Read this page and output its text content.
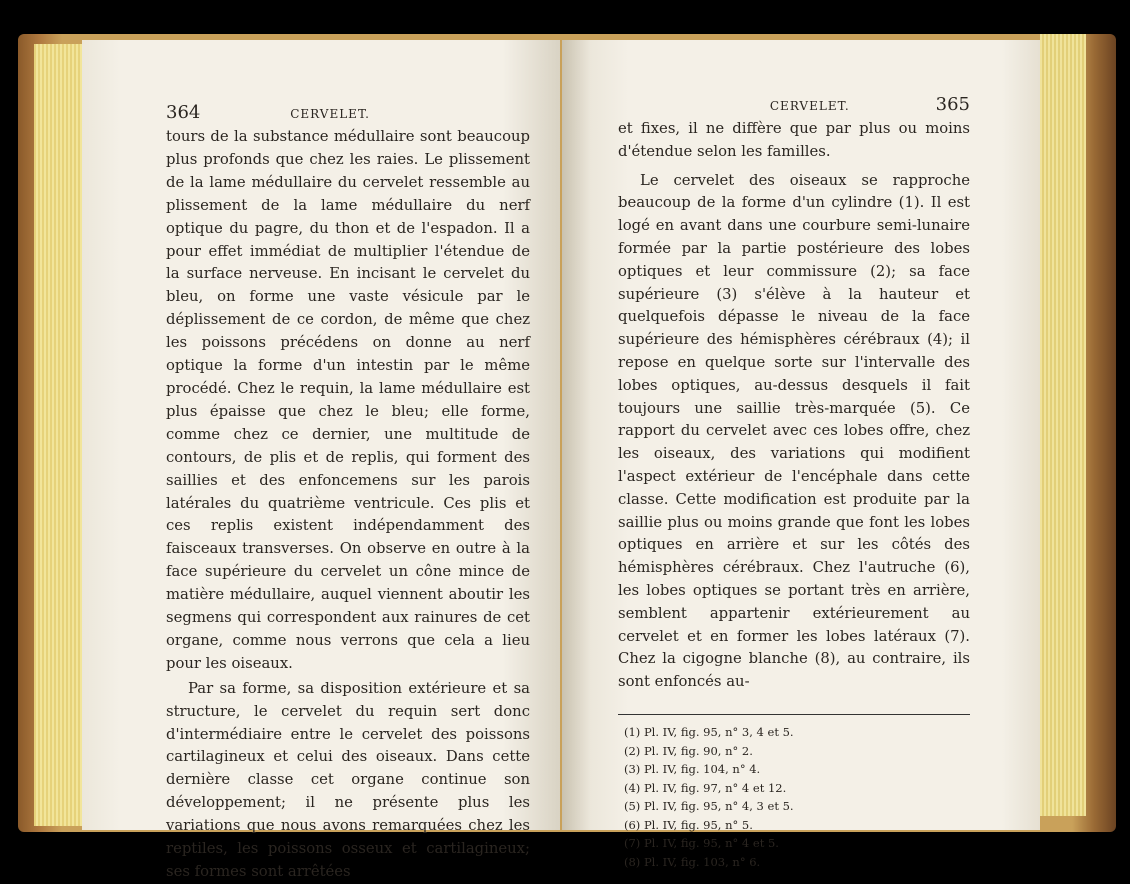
364	CERVELET.

tours de la substance médullaire sont beaucoup plus profonds que chez les raies. Le plissement de la lame médullaire du cervelet ressemble au plissement de la lame médullaire du nerf optique du pagre, du thon et de l'espadon. Il a pour effet immédiat de multiplier l'étendue de la surface nerveuse. En incisant le cervelet du bleu, on forme une vaste vésicule par le déplissement de ce cordon, de même que chez les poissons précédens on donne au nerf optique la forme d'un intestin par le même procédé. Chez le requin, la lame médullaire est plus épaisse que chez le bleu; elle forme, comme chez ce dernier, une multitude de contours, de plis et de replis, qui forment des saillies et des enfoncemens sur les parois latérales du quatrième ventricule. Ces plis et ces replis existent indépendamment des faisceaux transverses. On observe en outre à la face supérieure du cervelet un cône mince de matière médullaire, auquel viennent aboutir les segmens qui correspondent aux rainures de cet organe, comme nous verrons que cela a lieu pour les oiseaux.

Par sa forme, sa disposition extérieure et sa structure, le cervelet du requin sert donc d'intermédiaire entre le cervelet des poissons cartilagineux et celui des oiseaux. Dans cette dernière classe cet organe continue son développement; il ne présente plus les variations que nous avons remarquées chez les reptiles, les poissons osseux et cartilagineux; ses formes sont arrêtées

CERVELET.	365

et fixes, il ne diffère que par plus ou moins d'étendue selon les familles.

Le cervelet des oiseaux se rapproche beaucoup de la forme d'un cylindre (1). Il est logé en avant dans une courbure semi-lunaire formée par la partie postérieure des lobes optiques et leur commissure (2); sa face supérieure (3) s'élève à la hauteur et quelquefois dépasse le niveau de la face supérieure des hémisphères cérébraux (4); il repose en quelque sorte sur l'intervalle des lobes optiques, au-dessus desquels il fait toujours une saillie très-marquée (5). Ce rapport du cervelet avec ces lobes offre, chez les oiseaux, des variations qui modifient l'aspect extérieur de l'encéphale dans cette classe. Cette modification est produite par la saillie plus ou moins grande que font les lobes optiques en arrière et sur les côtés des hémisphères cérébraux. Chez l'autruche (6), les lobes optiques se portant très en arrière, semblent appartenir extérieurement au cervelet et en former les lobes latéraux (7). Chez la cigogne blanche (8), au contraire, ils sont enfoncés au-

(1) Pl. IV, fig. 95, n° 3, 4 et 5.
(2) Pl. IV, fig. 90, n° 2.
(3) Pl. IV, fig. 104, n° 4.
(4) Pl. IV, fig. 97, n° 4 et 12.
(5) Pl. IV, fig. 95, n° 4, 3 et 5.
(6) Pl. IV, fig. 95, n° 5.
(7) Pl. IV, fig. 95, n° 4 et 5.
(8) Pl. IV, fig. 103, n° 6.
